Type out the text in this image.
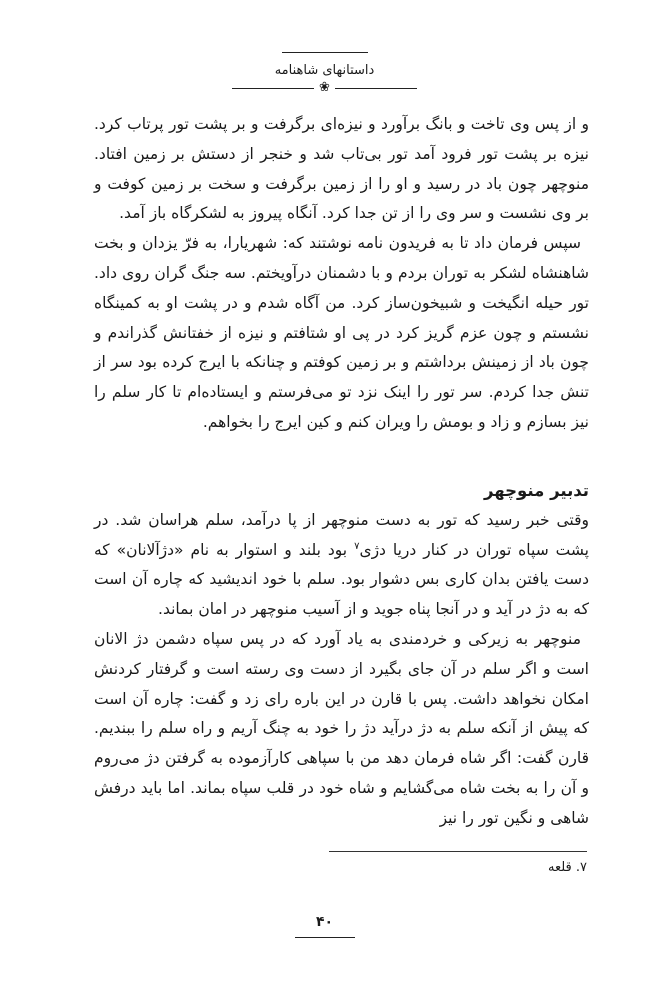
داستانهای شاهنامه
❀

و از پس وی تاخت و بانگ برآورد و نیزه‌ای برگرفت و بر پشت تور پرتاب کرد. نیزه بر پشت تور فرود آمد تور بی‌تاب شد و خنجر از دستش بر زمین افتاد. منوچهر چون باد در رسید و او را از زمین برگرفت و سخت بر زمین کوفت و بر وی نشست و سر وی را از تن جدا کرد. آنگاه پیروز به لشکرگاه باز آمد.

سپس فرمان داد تا به فریدون نامه نوشتند که: شهریارا، به فرّ یزدان و بخت شاهنشاه لشکر به توران بردم و با دشمنان درآویختم. سه جنگ گران روی داد. تور حیله انگیخت و شبیخون‌ساز کرد. من آگاه شدم و در پشت او به کمینگاه نشستم و چون عزم گریز کرد در پی او شتافتم و نیزه از خفتانش گذراندم و چون باد از زمینش برداشتم و بر زمین کوفتم و چنانکه با ایرج کرده بود سر از تنش جدا کردم. سر تور را اینک نزد تو می‌فرستم و ایستاده‌ام تا کار سلم را نیز بسازم و زاد و بومش را ویران کنم و کین ایرج را بخواهم.

تدبیر منوچهر

وقتی خبر رسید که تور به دست منوچهر از پا درآمد، سلم هراسان شد. در پشت سپاه توران در کنار دریا دژی$^۷$ بود بلند و استوار به نام «دژآلانان» که دست یافتن بدان کاری بس دشوار بود. سلم با خود اندیشید که چاره آن است که به دژ در آید و در آنجا پناه جوید و از آسیب منوچهر در امان بماند.

منوچهر به زیرکی و خردمندی به یاد آورد که در پس سپاه دشمن دژ الانان است و اگر سلم در آن جای بگیرد از دست وی رسته است و گرفتار کردنش امکان نخواهد داشت. پس با قارن در این باره رای زد و گفت: چاره آن است که پیش از آنکه سلم به دژ درآید دژ را خود به چنگ آریم و راه سلم را ببندیم. قارن گفت: اگر شاه فرمان دهد من با سپاهی کارآزموده به گرفتن دژ می‌روم و آن را به بخت شاه می‌گشایم و شاه خود در قلب سپاه بماند. اما باید درفش شاهی و نگین تور را نیز

۷. قلعه
۴۰
